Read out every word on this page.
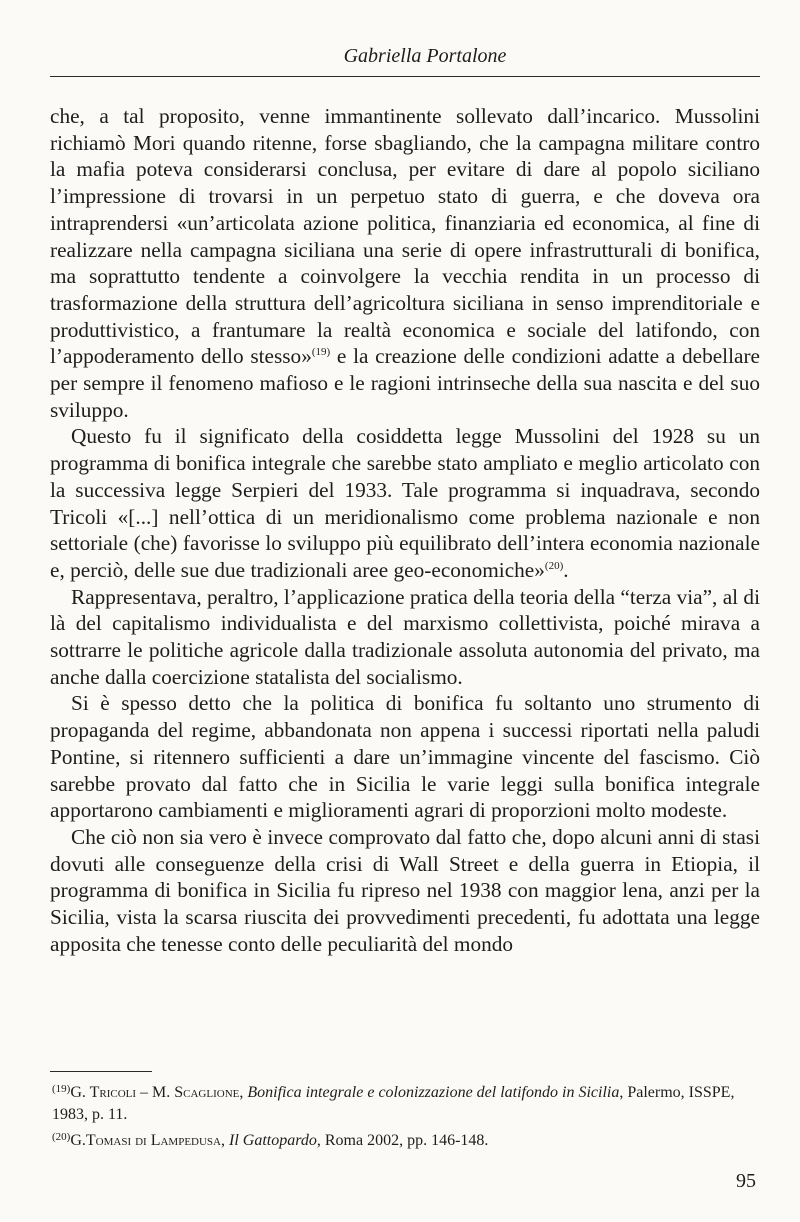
Gabriella Portalone

che, a tal proposito, venne immantinente sollevato dall’incarico. Mussolini richiamò Mori quando ritenne, forse sbagliando, che la campagna militare contro la mafia poteva considerarsi conclusa, per evitare di dare al popolo siciliano l’impressione di trovarsi in un perpetuo stato di guerra, e che doveva ora intraprendersi «un’articolata azione politica, finanziaria ed economica, al fine di realizzare nella campagna siciliana una serie di opere infrastrutturali di bonifica, ma soprattutto tendente a coinvolgere la vecchia rendita in un processo di trasformazione della struttura dell’agricoltura siciliana in senso imprenditoriale e produttivistico, a frantumare la realtà economica e sociale del latifondo, con l’appoderamento dello stesso»$^{(19)}$ e la creazione delle condizioni adatte a debellare per sempre il fenomeno mafioso e le ragioni intrinseche della sua nascita e del suo sviluppo.

Questo fu il significato della cosiddetta legge Mussolini del 1928 su un programma di bonifica integrale che sarebbe stato ampliato e meglio articolato con la successiva legge Serpieri del 1933. Tale programma si inquadrava, secondo Tricoli «[...] nell’ottica di un meridionalismo come problema nazionale e non settoriale (che) favorisse lo sviluppo più equilibrato dell’intera economia nazionale e, perciò, delle sue due tradizionali aree geo-economiche»$^{(20)}$.

Rappresentava, peraltro, l’applicazione pratica della teoria della “terza via”, al di là del capitalismo individualista e del marxismo collettivista, poiché mirava a sottrarre le politiche agricole dalla tradizionale assoluta autonomia del privato, ma anche dalla coercizione statalista del socialismo.

Si è spesso detto che la politica di bonifica fu soltanto uno strumento di propaganda del regime, abbandonata non appena i successi riportati nella paludi Pontine, si ritennero sufficienti a dare un’immagine vincente del fascismo. Ciò sarebbe provato dal fatto che in Sicilia le varie leggi sulla bonifica integrale apportarono cambiamenti e miglioramenti agrari di proporzioni molto modeste.

Che ciò non sia vero è invece comprovato dal fatto che, dopo alcuni anni di stasi dovuti alle conseguenze della crisi di Wall Street e della guerra in Etiopia, il programma di bonifica in Sicilia fu ripreso nel 1938 con maggior lena, anzi per la Sicilia, vista la scarsa riuscita dei provvedimenti precedenti, fu adottata una legge apposita che tenesse conto delle peculiarità del mondo

$^{(19)}$G. Tricoli – M. Scaglione, Bonifica integrale e colonizzazione del latifondo in Sicilia, Palermo, ISSPE, 1983, p. 11.

$^{(20)}$G.Tomasi di Lampedusa, Il Gattopardo, Roma 2002, pp. 146-148.

95
